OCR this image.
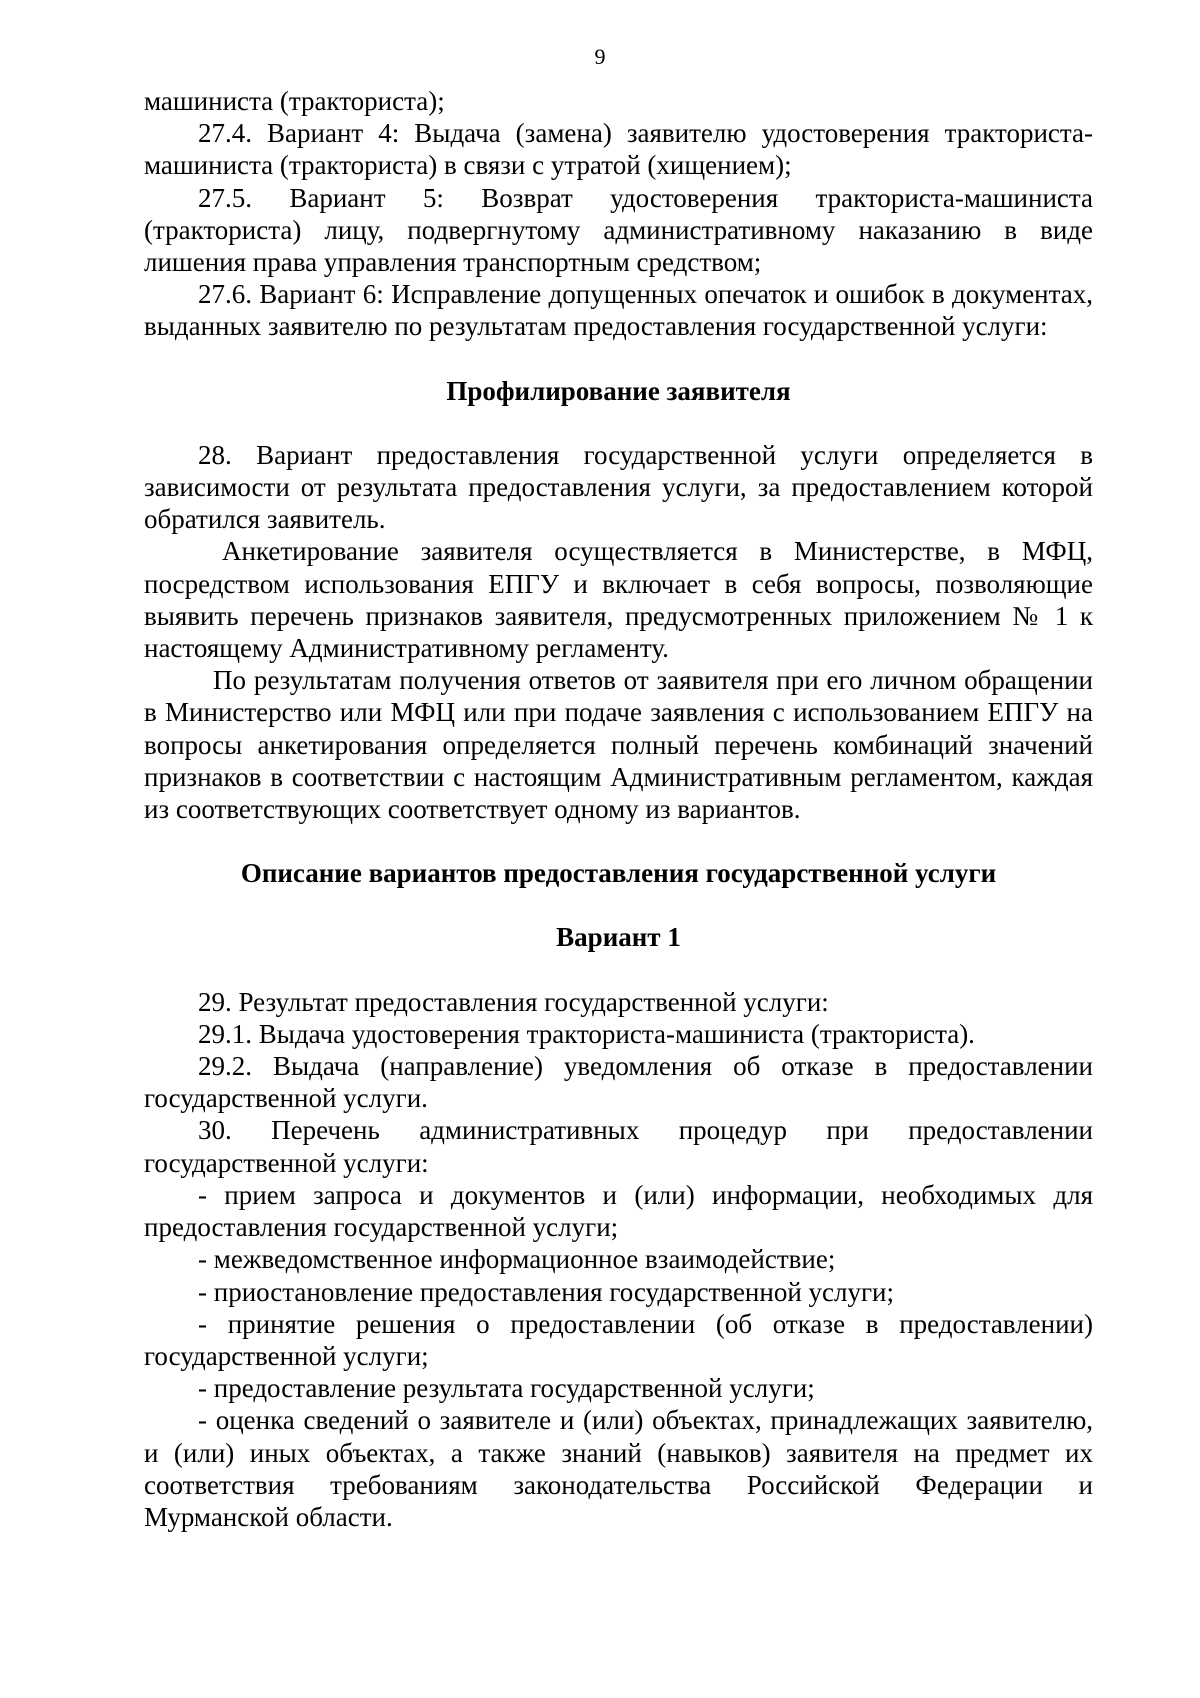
9

машиниста (тракториста);

27.4. Вариант 4: Выдача (замена) заявителю удостоверения тракториста-машиниста (тракториста) в связи с утратой (хищением);

27.5. Вариант 5: Возврат удостоверения тракториста-машиниста (тракториста) лицу, подвергнутому административному наказанию в виде лишения права управления транспортным средством;

27.6. Вариант 6: Исправление допущенных опечаток и ошибок в документах, выданных заявителю по результатам предоставления государственной услуги:

Профилирование заявителя

28. Вариант предоставления государственной услуги определяется в зависимости от результата предоставления услуги, за предоставлением которой обратился заявитель.

Анкетирование заявителя осуществляется в Министерстве, в МФЦ, посредством использования ЕПГУ и включает в себя вопросы, позволяющие выявить перечень признаков заявителя, предусмотренных приложением № 1 к настоящему Административному регламенту.

По результатам получения ответов от заявителя при его личном обращении в Министерство или МФЦ или при подаче заявления с использованием ЕПГУ на вопросы анкетирования определяется полный перечень комбинаций значений признаков в соответствии с настоящим Административным регламентом, каждая из соответствующих соответствует одному из вариантов.

Описание вариантов предоставления государственной услуги
Вариант 1

29. Результат предоставления государственной услуги:

29.1. Выдача удостоверения тракториста-машиниста (тракториста).

29.2. Выдача (направление) уведомления об отказе в предоставлении государственной услуги.

30. Перечень административных процедур при предоставлении государственной услуги:

- прием запроса и документов и (или) информации, необходимых для предоставления государственной услуги;

- межведомственное информационное взаимодействие;

- приостановление предоставления государственной услуги;

- принятие решения о предоставлении (об отказе в предоставлении) государственной услуги;

- предоставление результата государственной услуги;

- оценка сведений о заявителе и (или) объектах, принадлежащих заявителю, и (или) иных объектах, а также знаний (навыков) заявителя на предмет их соответствия требованиям законодательства Российской Федерации и Мурманской области.
